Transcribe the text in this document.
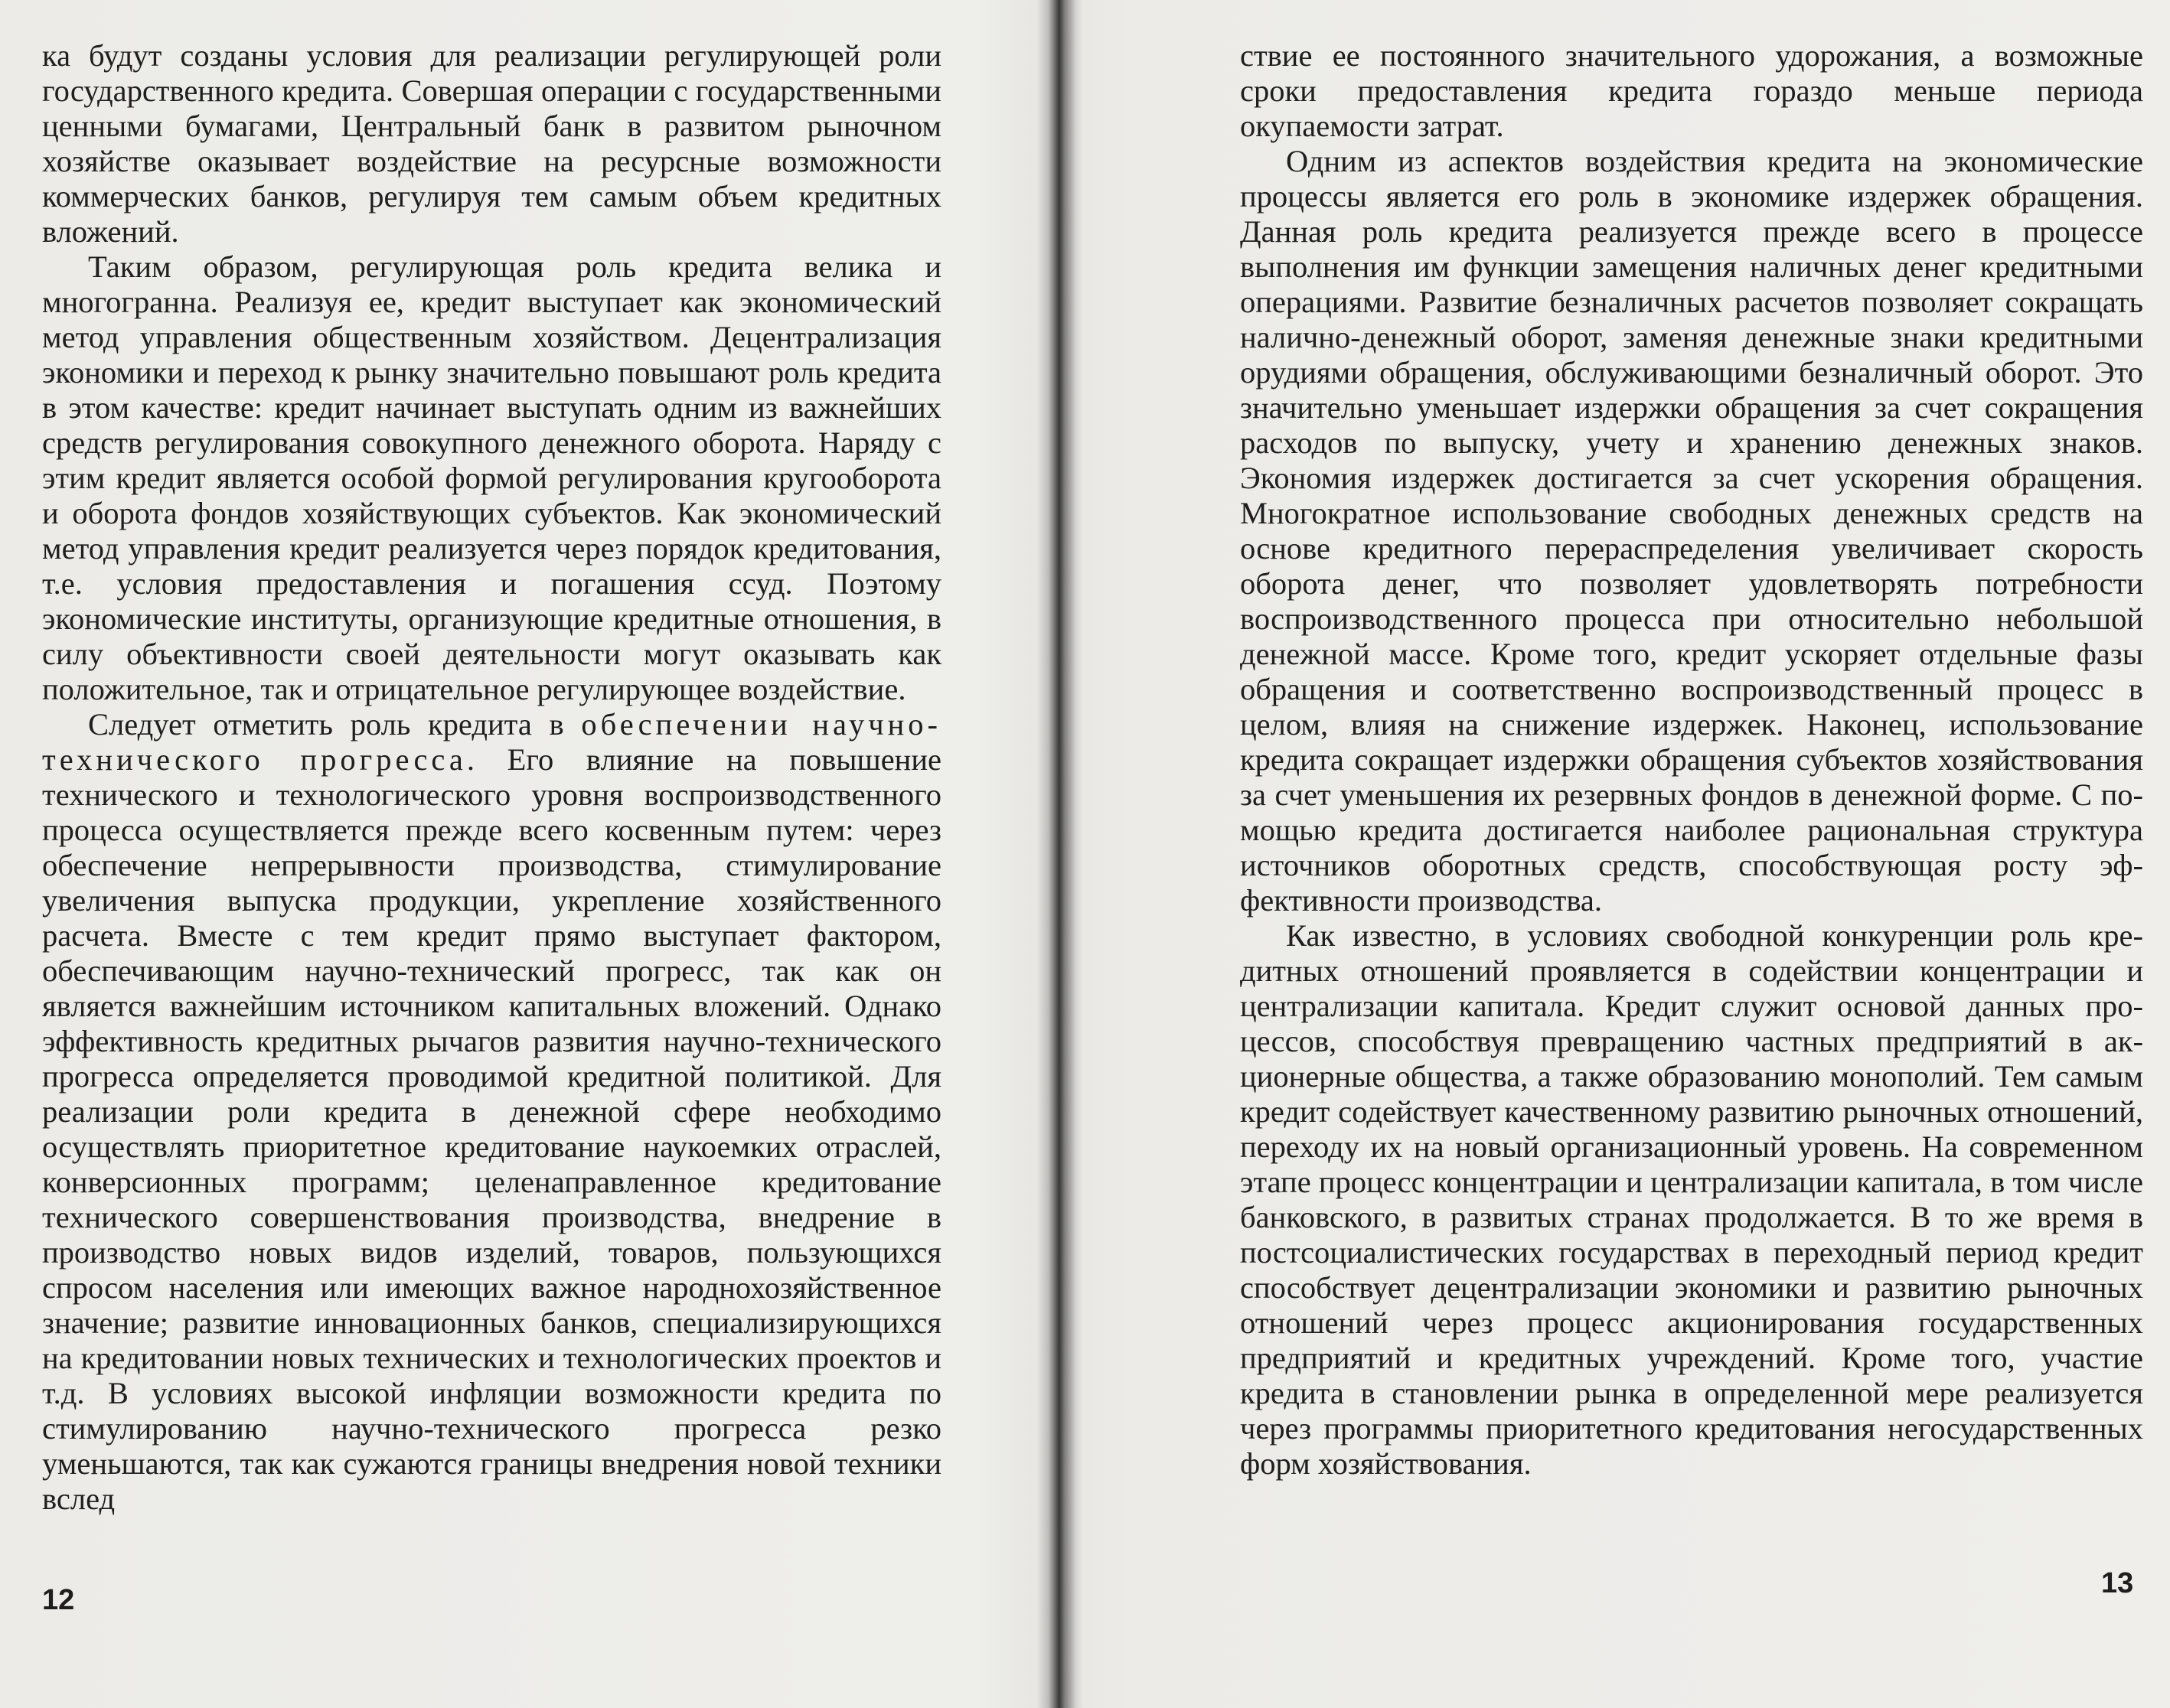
ка будут созданы условия для реализации регулирующей роли государственного кредита. Совершая операции с государственными ценными бумагами, Центральный банк в развитом рыночном хозяйстве оказывает воздействие на ресурсные возможности коммерческих банков, регулируя тем самым объем кредитных вложений.

Таким образом, регулирующая роль кредита велика и многогранна. Реализуя ее, кредит выступает как экономический метод управления общественным хозяйством. Децентрализация экономики и переход к рынку значительно повышают роль кредита в этом качестве: кредит начинает выступать одним из важнейших средств регулирования совокупного денежного оборота. Наряду с этим кредит является особой формой регулирования кругооборота и оборота фондов хозяйствующих субъектов. Как экономический метод управления кредит реализуется через порядок кредитования, т.е. условия предоставления и погашения ссуд. Поэтому экономические институты, организующие кредитные отношения, в силу объективности своей деятельности могут оказывать как положительное, так и отрицательное регулирующее воздействие.

Следует отметить роль кредита в обеспечении научно-технического прогресса. Его влияние на повышение технического и технологического уровня воспроизводственного процесса осуществляется прежде всего косвенным путем: через обеспечение непрерывности производства, стимулирование увеличения выпуска продукции, укрепление хозяйственного расчета. Вместе с тем кредит прямо выступает фактором, обеспечивающим научно-технический прогресс, так как он является важнейшим источником капитальных вложений. Однако эффективность кредитных рычагов развития научно-технического прогресса определяется проводимой кредитной политикой. Для реализации роли кредита в денежной сфере необходимо осуществлять приоритетное кредитование наукоемких отраслей, конверсионных программ; целенаправленное кредитование технического совершенствования производства, внедрение в производство новых видов изделий, товаров, пользующихся спросом населения или имеющих важное народнохозяйственное значение; развитие инновационных банков, специализирующихся на кредитовании новых технических и технологических проектов и т.д. В условиях высокой инфляции возможности кредита по стимулированию научно-технического прогресса резко уменьшаются, так как сужаются границы внедрения новой техники вслед

12

ствие ее постоянного значительного удорожания, а возможные сроки предоставления кредита гораздо меньше периода окупаемости затрат.

Одним из аспектов воздействия кредита на экономические процессы является его роль в экономике издержек обращения. Данная роль кредита реализуется прежде всего в процессе выполнения им функции замещения наличных денег кредитными операциями. Развитие безналичных расчетов позволяет сокращать налично-денежный оборот, заменяя денежные знаки кредитными орудиями обращения, обслуживающими безналичный оборот. Это значительно уменьшает издержки обращения за счет сокращения расходов по выпуску, учету и хранению денежных знаков. Экономия издержек достигается за счет ускорения обращения. Многократное использование свободных денежных средств на основе кредитного перераспределения увеличивает скорость оборота денег, что позволяет удовлетворять потребности воспроизводственного процесса при относительно небольшой денежной массе. Кроме того, кредит ускоряет отдельные фазы обращения и соответственно воспроизводственный процесс в целом, влияя на снижение издержек. Наконец, использование кредита сокращает издержки обращения субъектов хозяйствования за счет уменьшения их резервных фондов в денежной форме. С помощью кредита достигается наиболее рациональная структура источников оборотных средств, способствующая росту эффективности производства.

Как известно, в условиях свободной конкуренции роль кредитных отношений проявляется в содействии концентрации и централизации капитала. Кредит служит основой данных процессов, способствуя превращению частных предприятий в акционерные общества, а также образованию монополий. Тем самым кредит содействует качественному развитию рыночных отношений, переходу их на новый организационный уровень. На современном этапе процесс концентрации и централизации капитала, в том числе банковского, в развитых странах продолжается. В то же время в постсоциалистических государствах в переходный период кредит способствует децентрализации экономики и развитию рыночных отношений через процесс акционирования государственных предприятий и кредитных учреждений. Кроме того, участие кредита в становлении рынка в определенной мере реализуется через программы приоритетного кредитования негосударственных форм хозяйствования.

13
